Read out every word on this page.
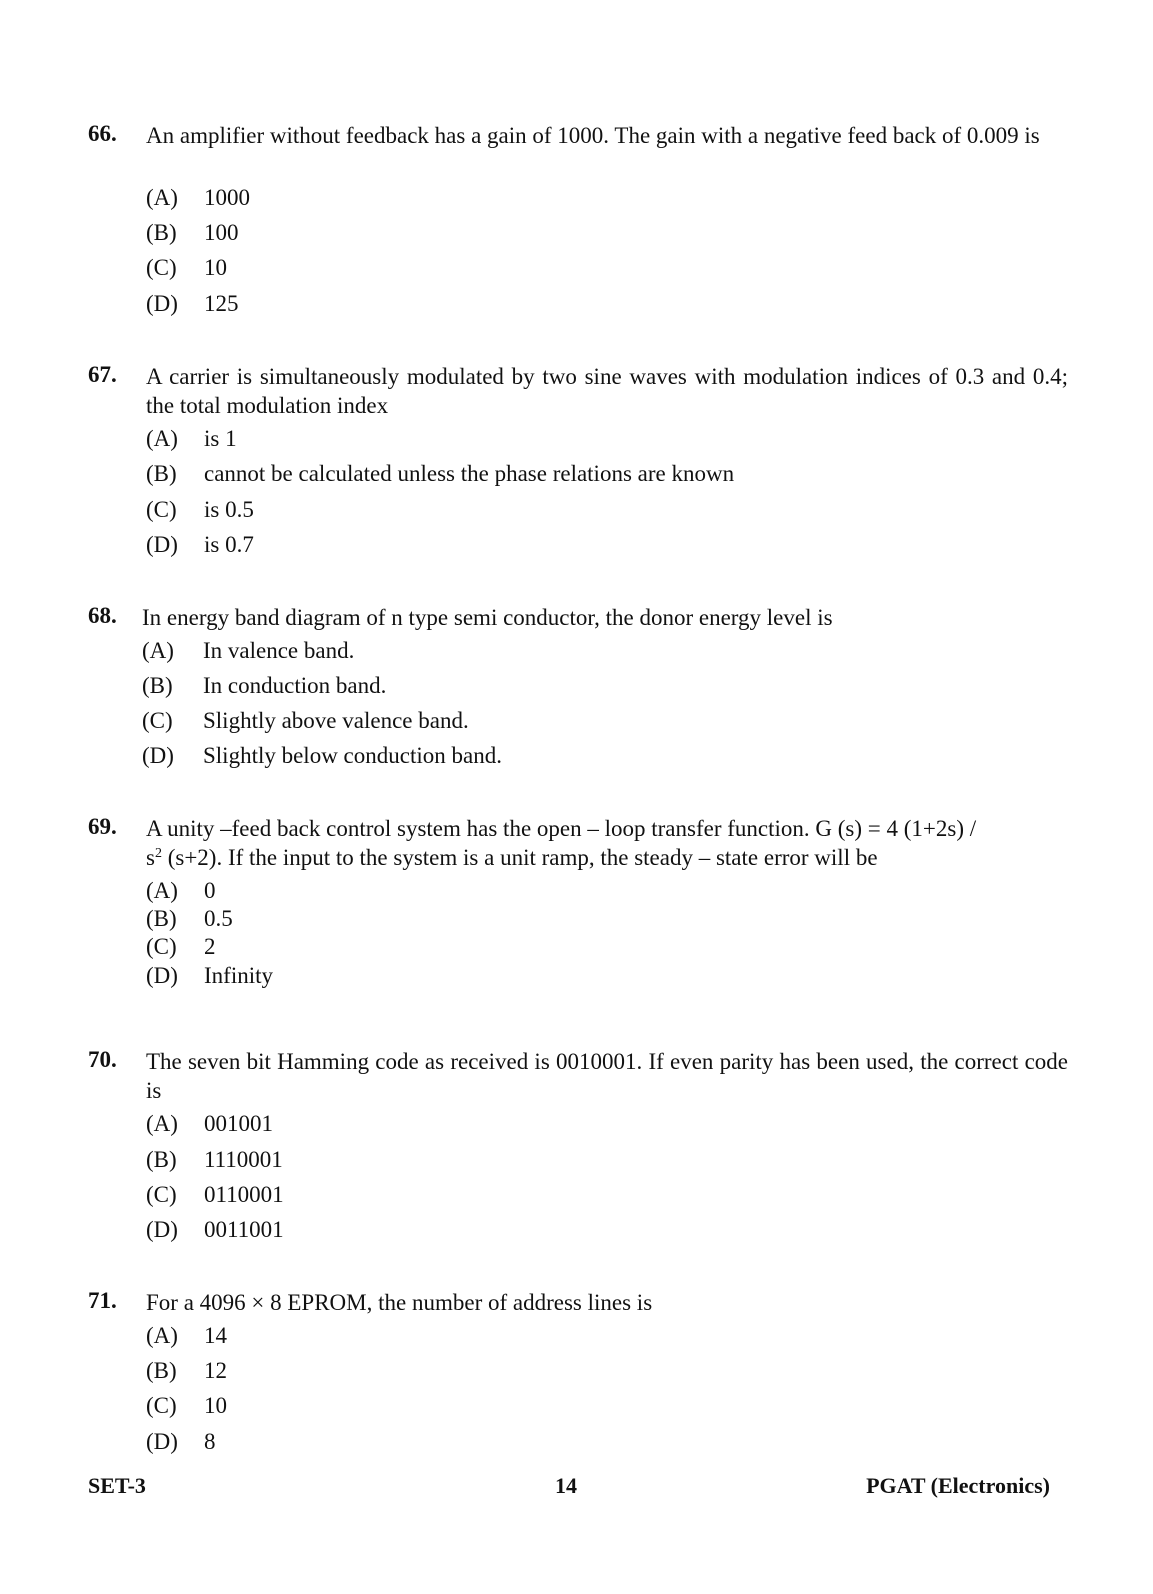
66. An amplifier without feedback has a gain of 1000. The gain with a negative feed back of 0.009 is
(A) 1000
(B) 100
(C) 10
(D) 125
67. A carrier is simultaneously modulated by two sine waves with modulation indices of 0.3 and 0.4; the total modulation index
(A) is 1
(B) cannot be calculated unless the phase relations are known
(C) is 0.5
(D) is 0.7
68. In energy band diagram of n type semi conductor, the donor energy level is
(A) In valence band.
(B) In conduction band.
(C) Slightly above valence band.
(D) Slightly below conduction band.
69. A unity –feed back control system has the open – loop transfer function. G (s) = 4 (1+2s) /
$s^2$ (s+2). If the input to the system is a unit ramp, the steady – state error will be
(A) 0
(B) 0.5
(C) 2
(D) Infinity
70. The seven bit Hamming code as received is 0010001. If even parity has been used, the correct code is
(A) 001001
(B) 1110001
(C) 0110001
(D) 0011001
71. For a 4096 × 8 EPROM, the number of address lines is
(A) 14
(B) 12
(C) 10
(D) 8
SET-3	14	PGAT (Electronics)
